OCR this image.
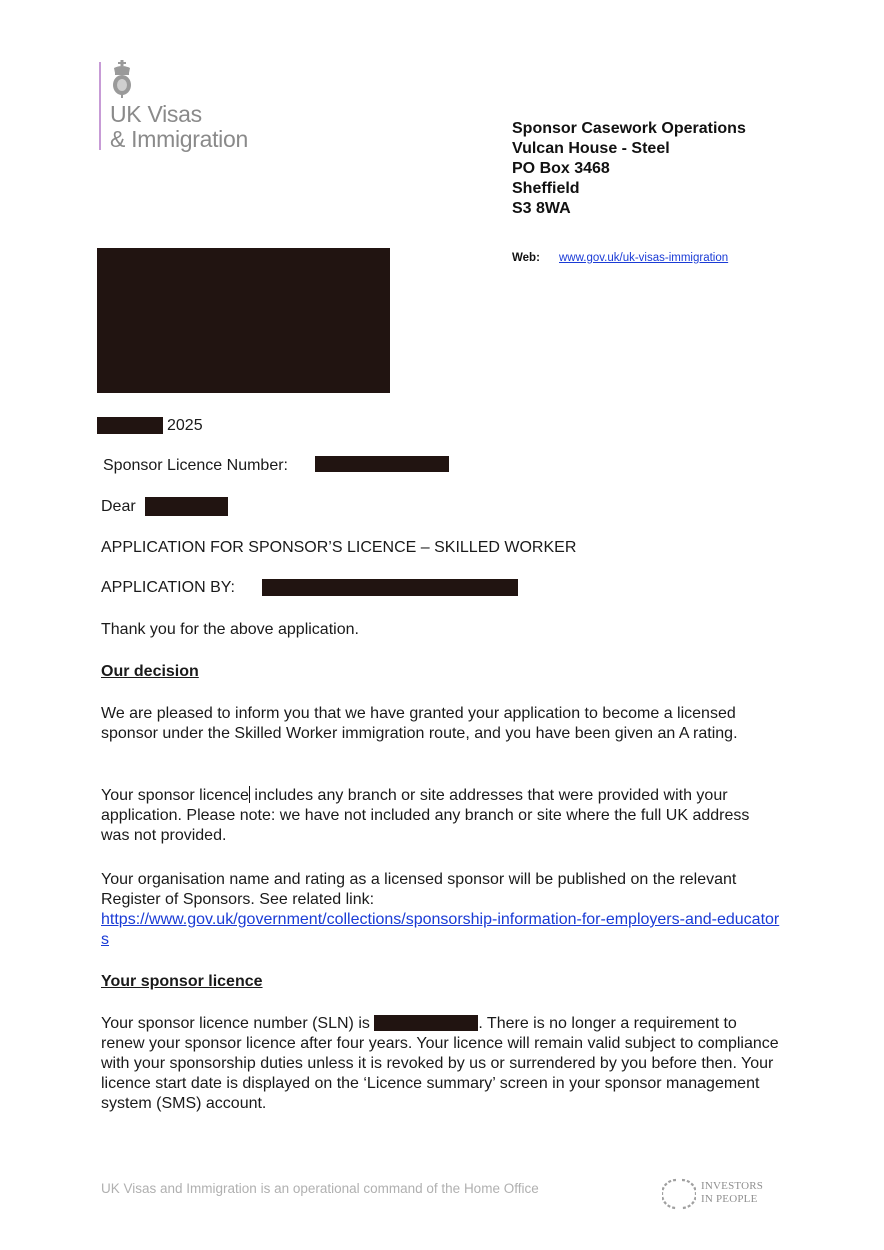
UK Visas
& Immigration	Sponsor Casework Operations
Vulcan House - Steel
PO Box 3468
Sheffield
S3 8WA
Web: www.gov.uk/uk-visas-immigration
2025
Sponsor Licence Number:
Dear
APPLICATION FOR SPONSOR’S LICENCE – SKILLED WORKER
APPLICATION BY:
Thank you for the above application.
Our decision
We are pleased to inform you that we have granted your application to become a licensed sponsor under the Skilled Worker immigration route, and you have been given an A rating.
Your sponsor licence includes any branch or site addresses that were provided with your application. Please note: we have not included any branch or site where the full UK address was not provided.
Your organisation name and rating as a licensed sponsor will be published on the relevant Register of Sponsors. See related link:
https://www.gov.uk/government/collections/sponsorship-information-for-employers-and-educators
Your sponsor licence
Your sponsor licence number (SLN) is	. There is no longer a requirement to renew your sponsor licence after four years. Your licence will remain valid subject to compliance with your sponsorship duties unless it is revoked by us or surrendered by you before then. Your licence start date is displayed on the ‘Licence summary’ screen in your sponsor management system (SMS) account.
UK Visas and Immigration is an operational command of the Home Office	INVESTORS
IN PEOPLE
